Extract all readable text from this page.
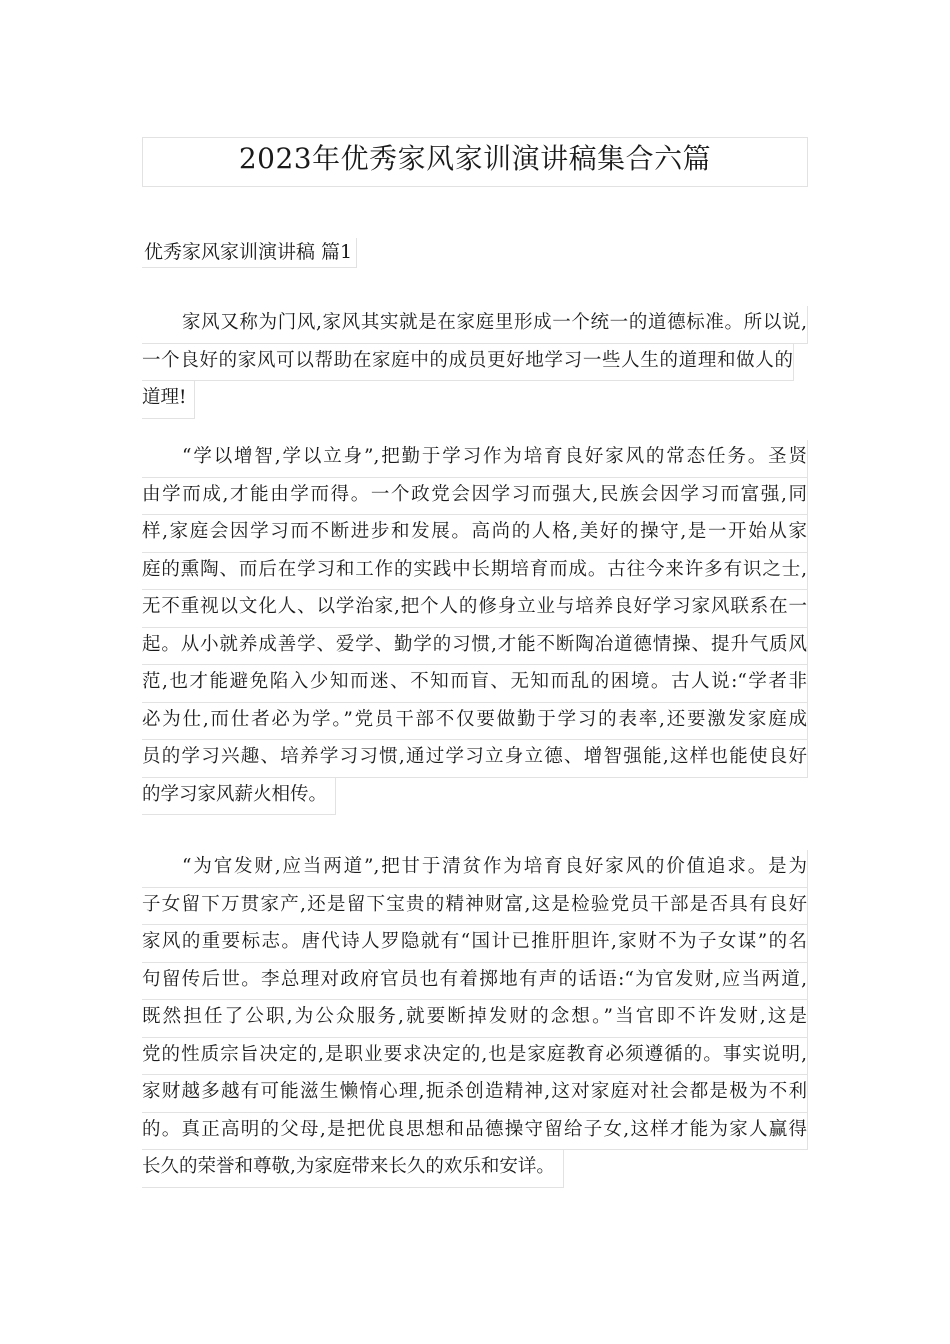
2023年优秀家风家训演讲稿集合六篇
优秀家风家训演讲稿 篇1
家风又称为门风,家风其实就是在家庭里形成一个统一的道德标准。所以说,
一个良好的家风可以帮助在家庭中的成员更好地学习一些人生的道理和做人的
道理!
“学以增智,学以立身”,把勤于学习作为培育良好家风的常态任务。圣贤
由学而成,才能由学而得。一个政党会因学习而强大,民族会因学习而富强,同
样,家庭会因学习而不断进步和发展。高尚的人格,美好的操守,是一开始从家
庭的熏陶、而后在学习和工作的实践中长期培育而成。古往今来许多有识之士,
无不重视以文化人、以学治家,把个人的修身立业与培养良好学习家风联系在一
起。从小就养成善学、爱学、勤学的习惯,才能不断陶冶道德情操、提升气质风
范,也才能避免陷入少知而迷、不知而盲、无知而乱的困境。古人说:“学者非
必为仕,而仕者必为学。”党员干部不仅要做勤于学习的表率,还要激发家庭成
员的学习兴趣、培养学习习惯,通过学习立身立德、增智强能,这样也能使良好
的学习家风薪火相传。
“为官发财,应当两道”,把甘于清贫作为培育良好家风的价值追求。是为
子女留下万贯家产,还是留下宝贵的精神财富,这是检验党员干部是否具有良好
家风的重要标志。唐代诗人罗隐就有“国计已推肝胆许,家财不为子女谋”的名
句留传后世。李总理对政府官员也有着掷地有声的话语:“为官发财,应当两道,
既然担任了公职,为公众服务,就要断掉发财的念想。”当官即不许发财,这是
党的性质宗旨决定的,是职业要求决定的,也是家庭教育必须遵循的。事实说明,
家财越多越有可能滋生懒惰心理,扼杀创造精神,这对家庭对社会都是极为不利
的。真正高明的父母,是把优良思想和品德操守留给子女,这样才能为家人赢得
长久的荣誉和尊敬,为家庭带来长久的欢乐和安详。
